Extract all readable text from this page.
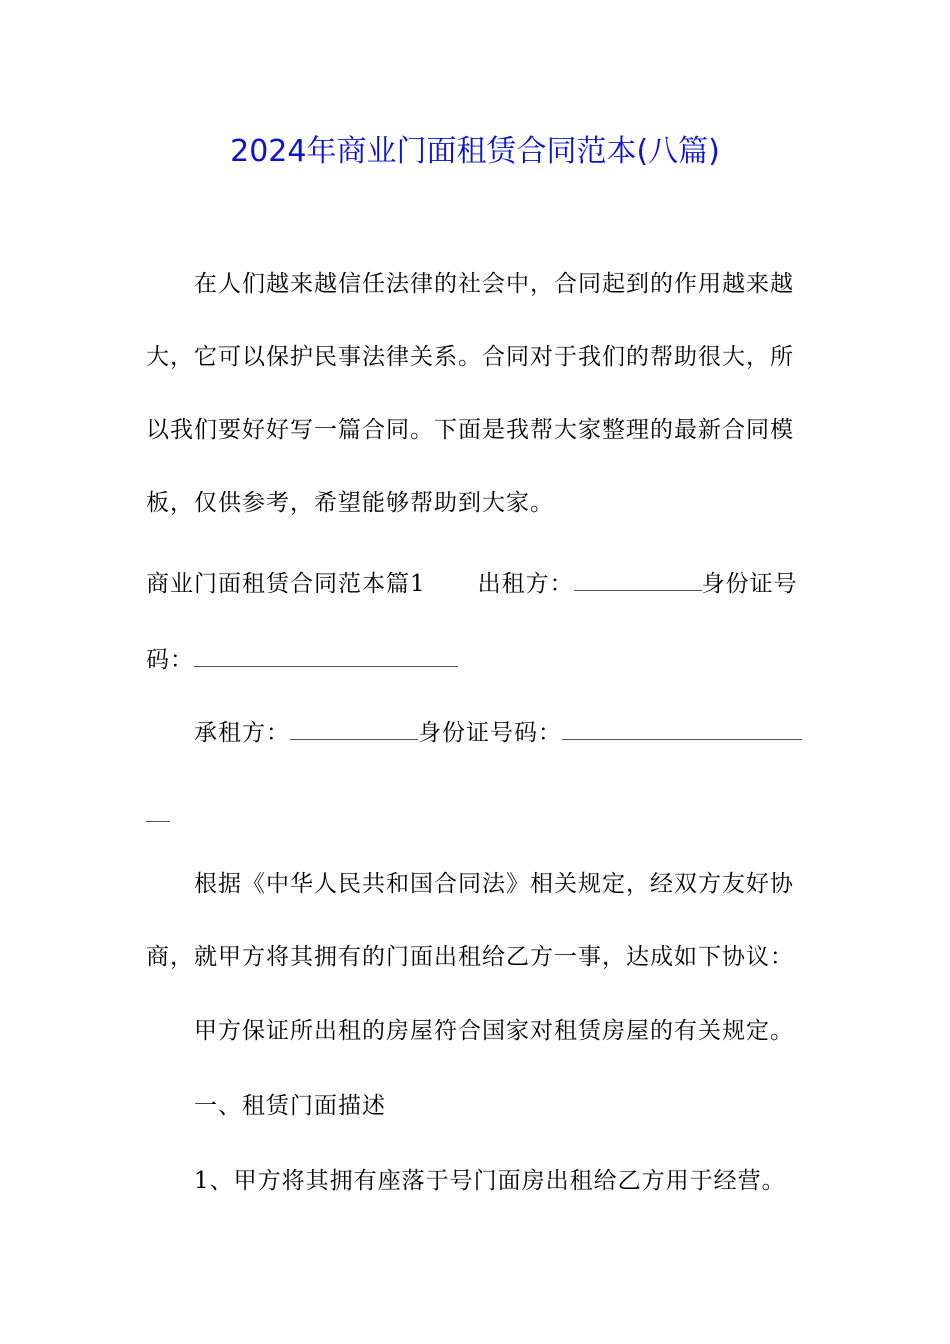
2024年商业门面租赁合同范本(八篇)

在人们越来越信任法律的社会中，合同起到的作用越来越大，它可以保护民事法律关系。合同对于我们的帮助很大，所以我们要好好写一篇合同。下面是我帮大家整理的最新合同模板，仅供参考，希望能够帮助到大家。

商业门面租赁合同范本篇1 出租方：	身份证号
码：
承租方：	身份证号码：

根据《中华人民共和国合同法》相关规定，经双方友好协商，就甲方将其拥有的门面出租给乙方一事，达成如下协议：

甲方保证所出租的房屋符合国家对租赁房屋的有关规定。

一、租赁门面描述

1、甲方将其拥有座落于号门面房出租给乙方用于经营。
